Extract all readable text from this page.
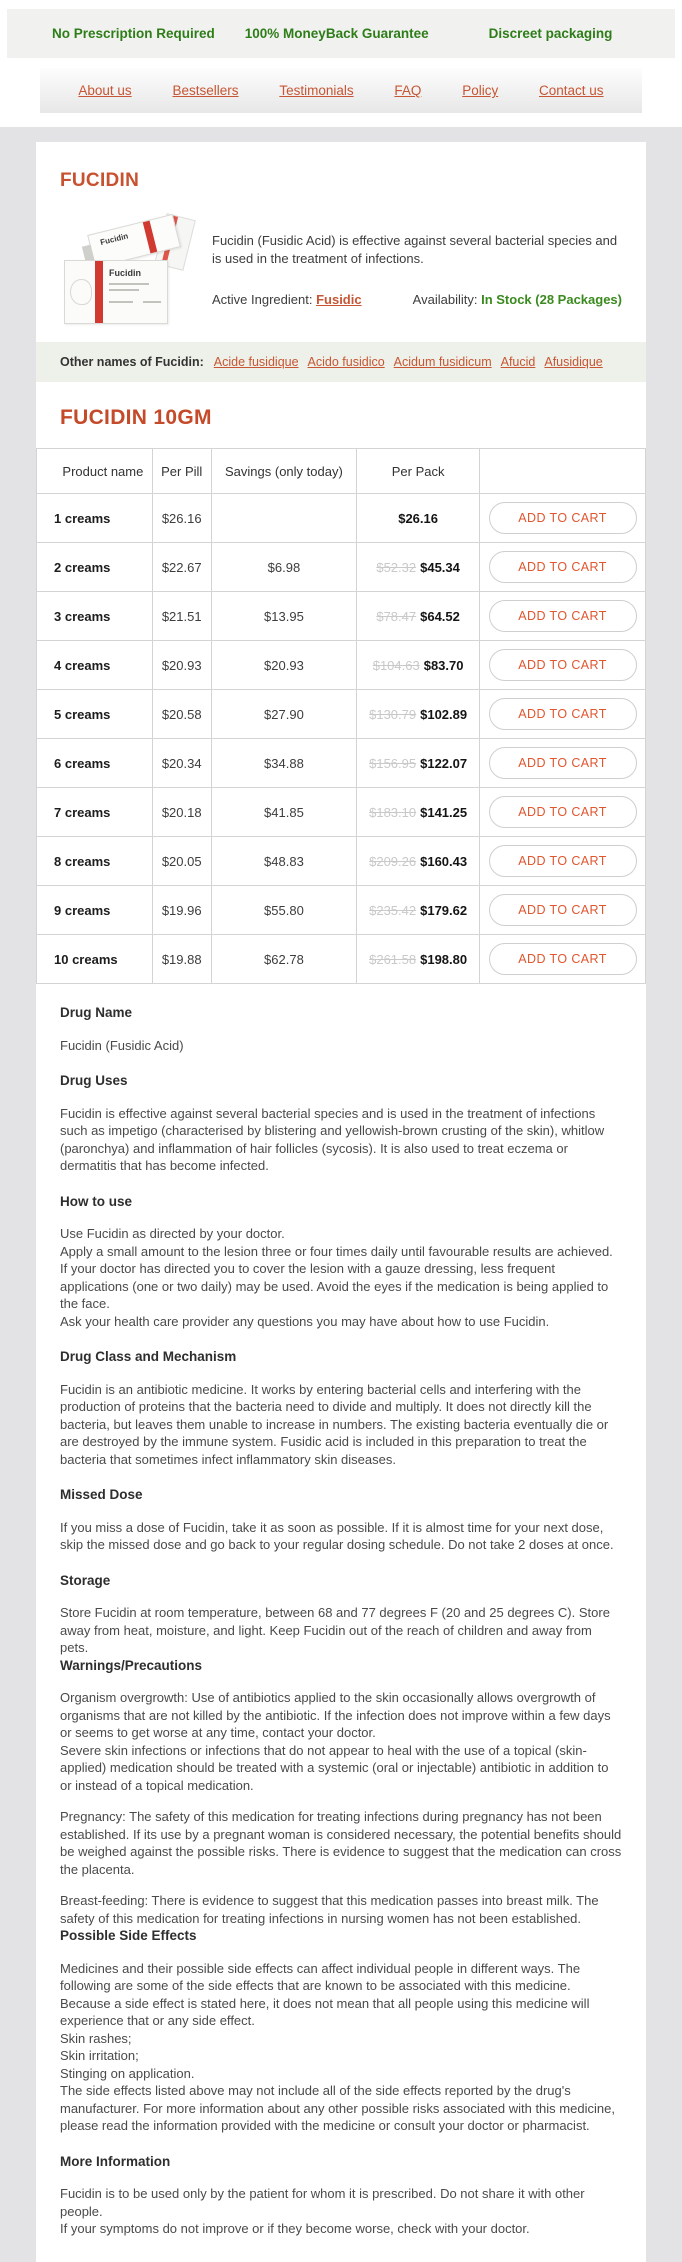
No Prescription Required 100% MoneyBack Guarantee	Discreet packaging
About us	Bestsellers	Testimonials	FAQ	Policy	Contact us
FUCIDIN
Fucidin
Fucidin
Fucidin (Fusidic Acid) is effective against several bacterial species and is used in the treatment of infections.
Active Ingredient: Fusidic	Availability: In Stock (28 Packages)
Other names of Fucidin: Acide fusidique Acido fusidico Acidum fusidicum Afucid Afusidique
FUCIDIN 10GM
Product name	Per Pill	Savings (only today)	Per Pack	
1 creams	$26.16		$26.16	ADD TO CART
2 creams	$22.67	$6.98	$52.32 $45.34	ADD TO CART
3 creams	$21.51	$13.95	$78.47 $64.52	ADD TO CART
4 creams	$20.93	$20.93	$104.63 $83.70	ADD TO CART
5 creams	$20.58	$27.90	$130.79 $102.89	ADD TO CART
6 creams	$20.34	$34.88	$156.95 $122.07	ADD TO CART
7 creams	$20.18	$41.85	$183.10 $141.25	ADD TO CART
8 creams	$20.05	$48.83	$209.26 $160.43	ADD TO CART
9 creams	$19.96	$55.80	$235.42 $179.62	ADD TO CART
10 creams	$19.88	$62.78	$261.58 $198.80	ADD TO CART
Drug Name
Fucidin (Fusidic Acid)
Drug Uses
Fucidin is effective against several bacterial species and is used in the treatment of infections such as impetigo (characterised by blistering and yellowish-brown crusting of the skin), whitlow (paronchya) and inflammation of hair follicles (sycosis). It is also used to treat eczema or dermatitis that has become infected.
How to use
Use Fucidin as directed by your doctor.
Apply a small amount to the lesion three or four times daily until favourable results are achieved. If your doctor has directed you to cover the lesion with a gauze dressing, less frequent applications (one or two daily) may be used. Avoid the eyes if the medication is being applied to the face.
Ask your health care provider any questions you may have about how to use Fucidin.
Drug Class and Mechanism
Fucidin is an antibiotic medicine. It works by entering bacterial cells and interfering with the production of proteins that the bacteria need to divide and multiply. It does not directly kill the bacteria, but leaves them unable to increase in numbers. The existing bacteria eventually die or are destroyed by the immune system. Fusidic acid is included in this preparation to treat the bacteria that sometimes infect inflammatory skin diseases.
Missed Dose
If you miss a dose of Fucidin, take it as soon as possible. If it is almost time for your next dose, skip the missed dose and go back to your regular dosing schedule. Do not take 2 doses at once.
Storage
Store Fucidin at room temperature, between 68 and 77 degrees F (20 and 25 degrees C). Store away from heat, moisture, and light. Keep Fucidin out of the reach of children and away from pets.
Warnings/Precautions
Organism overgrowth: Use of antibiotics applied to the skin occasionally allows overgrowth of organisms that are not killed by the antibiotic. If the infection does not improve within a few days or seems to get worse at any time, contact your doctor.
Severe skin infections or infections that do not appear to heal with the use of a topical (skin-applied) medication should be treated with a systemic (oral or injectable) antibiotic in addition to or instead of a topical medication.
Pregnancy: The safety of this medication for treating infections during pregnancy has not been established. If its use by a pregnant woman is considered necessary, the potential benefits should be weighed against the possible risks. There is evidence to suggest that the medication can cross the placenta.
Breast-feeding: There is evidence to suggest that this medication passes into breast milk. The safety of this medication for treating infections in nursing women has not been established.
Possible Side Effects
Medicines and their possible side effects can affect individual people in different ways. The following are some of the side effects that are known to be associated with this medicine. Because a side effect is stated here, it does not mean that all people using this medicine will experience that or any side effect.
Skin rashes;
Skin irritation;
Stinging on application.
The side effects listed above may not include all of the side effects reported by the drug's manufacturer. For more information about any other possible risks associated with this medicine, please read the information provided with the medicine or consult your doctor or pharmacist.
More Information
Fucidin is to be used only by the patient for whom it is prescribed. Do not share it with other people.
If your symptoms do not improve or if they become worse, check with your doctor.
